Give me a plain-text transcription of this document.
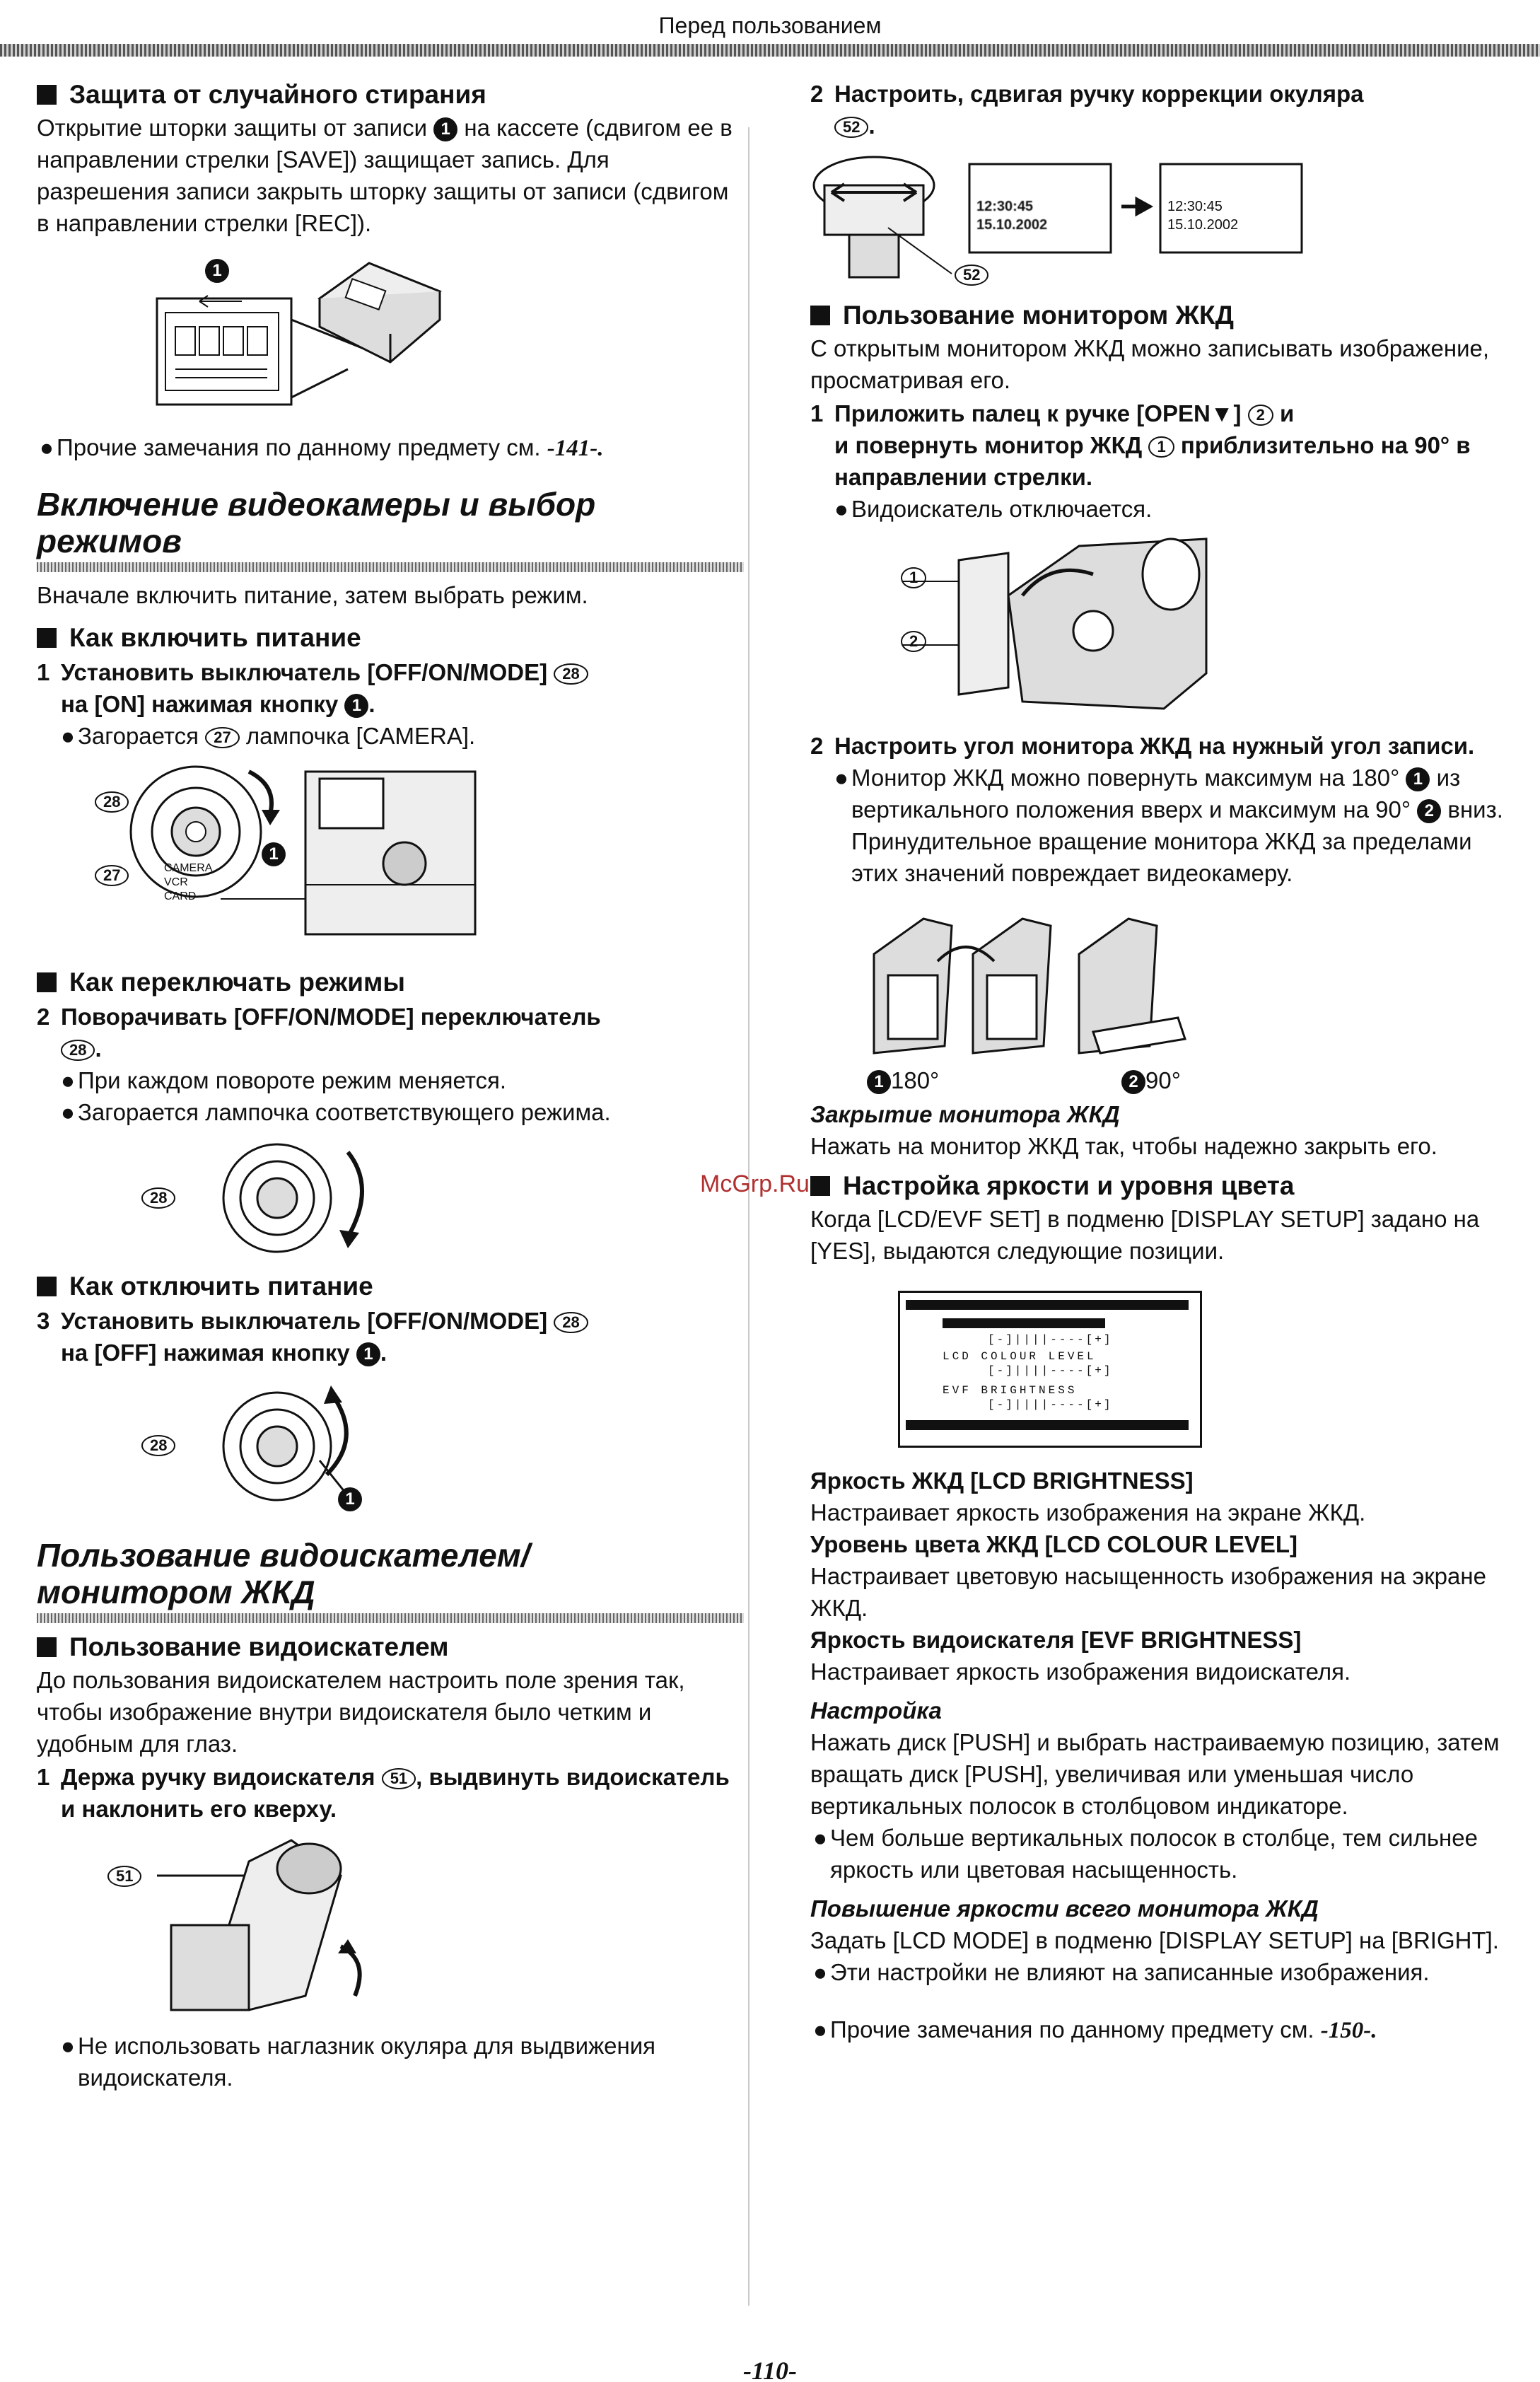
Перед пользованием
Защита от случайного стирания

Открытие шторки защиты от записи 1 на кассете (сдвигом ее в направлении стрелки [SAVE]) защищает запись. Для разрешения записи закрыть шторку защиты от записи (сдвигом в направлении стрелки [REC]).

1
● Прочие замечания по данному предмету см. -141-.
Включение видеокамеры и выбор режимов

Вначале включить питание, затем выбрать режим.

Как включить питание
1 Установить выключатель [OFF/ON/MODE] 28
на [ON] нажимая кнопку 1 .
● Загорается 27 лампочка [CAMERA].
28
27	CAMERA
VCR
CARD
1
Как переключать режимы
2 Поворачивать [OFF/ON/MODE] переключатель
28 .
● При каждом повороте режим меняется.
● Загорается лампочка соответствующего режима.
28
Как отключить питание
3 Установить выключатель [OFF/ON/MODE] 28
на [OFF] нажимая кнопку 1 .
28
1
Пользование видоискателем/ монитором ЖКД
Пользование видоискателем

До пользования видоискателем настроить поле зрения так, чтобы изображение внутри видоискателя было четким и удобным для глаз.

1 Держа ручку видоискателя 51 , выдвинуть видоискатель и наклонить его кверху.
51
● Не использовать наглазник окуляра для выдвижения видоискателя.
2 Настроить, сдвигая ручку коррекции окуляра
52 .
12:30:45
15.10.2002
12:30:45
15.10.2002
52
Пользование монитором ЖКД

С открытым монитором ЖКД можно записывать изображение, просматривая его.

1 Приложить палец к ручке [OPEN▼] 2 и
и повернуть монитор ЖКД 1 приблизительно на 90° в направлении стрелки.
● Видоискатель отключается.
1
2
2 Настроить угол монитора ЖКД на нужный угол записи.
● Монитор ЖКД можно повернуть максимум на 180° 1 из вертикального положения вверх и максимум на 90° 2 вниз. Принудительное вращение монитора ЖКД за пределами этих значений повреждает видеокамеру.
1 180°	2 90°
Закрытие монитора ЖКД

Нажать на монитор ЖКД так, чтобы надежно закрыть его.

Настройка яркости и уровня цвета

Когда [LCD/EVF SET] в подменю [DISPLAY SETUP] задано на [YES], выдаются следующие позиции.

[-]||||----[+]
LCD COLOUR LEVEL
[-]||||----[+]
EVF BRIGHTNESS
[-]||||----[+]
Яркость ЖКД [LCD BRIGHTNESS]

Настраивает яркость изображения на экране ЖКД.

Уровень цвета ЖКД [LCD COLOUR LEVEL]

Настраивает цветовую насыщенность изображения на экране ЖКД.

Яркость видоискателя [EVF BRIGHTNESS]

Настраивает яркость изображения видоискателя.

Настройка

Нажать диск [PUSH] и выбрать настраиваемую позицию, затем вращать диск [PUSH], увеличивая или уменьшая число вертикальных полосок в столбцовом индикаторе.

● Чем больше вертикальных полосок в столбце, тем сильнее яркость или цветовая насыщенность.
Повышение яркости всего монитора ЖКД

Задать [LCD MODE] в подменю [DISPLAY SETUP] на [BRIGHT].

● Эти настройки не влияют на записанные изображения.
● Прочие замечания по данному предмету см. -150-.
McGrp.Ru
-110-
